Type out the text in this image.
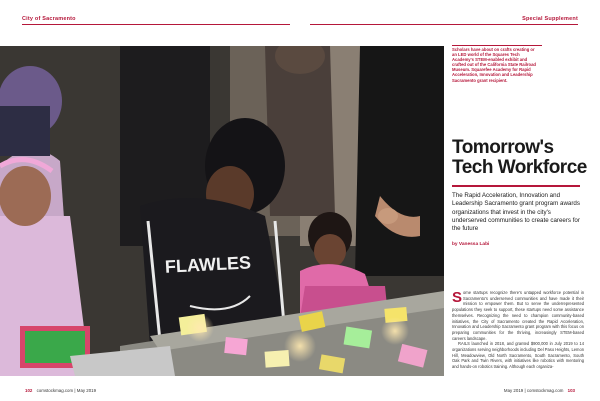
City of Sacramento	Special Supplement
FLAWLES
Scholars have about on crafts creating or an LED world of the Squares Tech Academy's STEM-enabled exhibit and crafted out of the California State Railroad Museum. Squarefee Academy for Rapid Acceleration, Innovation and Leadership Sacramento grant recipient.
Tomorrow's
Tech Workforce
The Rapid Acceleration, Innovation and Leadership Sacramento grant program awards organizations that invest in the city's underserved communities to create careers for the future
by Vanessa Labi
S ome startups recognize there's untapped workforce potential in Sacramento's underserved communities and have made it their mission to empower them. But to serve the underrepresented populations they seek to support, these startups need some assistance themselves. Recognizing the need to champion community-based initiatives, the City of Sacramento created the Rapid Acceleration, Innovation and Leadership Sacramento grant program with this focus on preparing communities for the thriving, increasingly STEM-based careers landscape.
RAILS launched in 2018, and granted $900,000 in July 2019 to 14 organizations serving neighborhoods including Del Paso Heights, Lemon Hill, Meadowview, Old North Sacramento, South Sacramento, South Oak Park and Twin Rivers, with initiatives like robotics with mentoring and hands-on robotics training. Although each organiza-
102 comstockmag.com | May 2019	May 2019 | comstockmag.com 103
